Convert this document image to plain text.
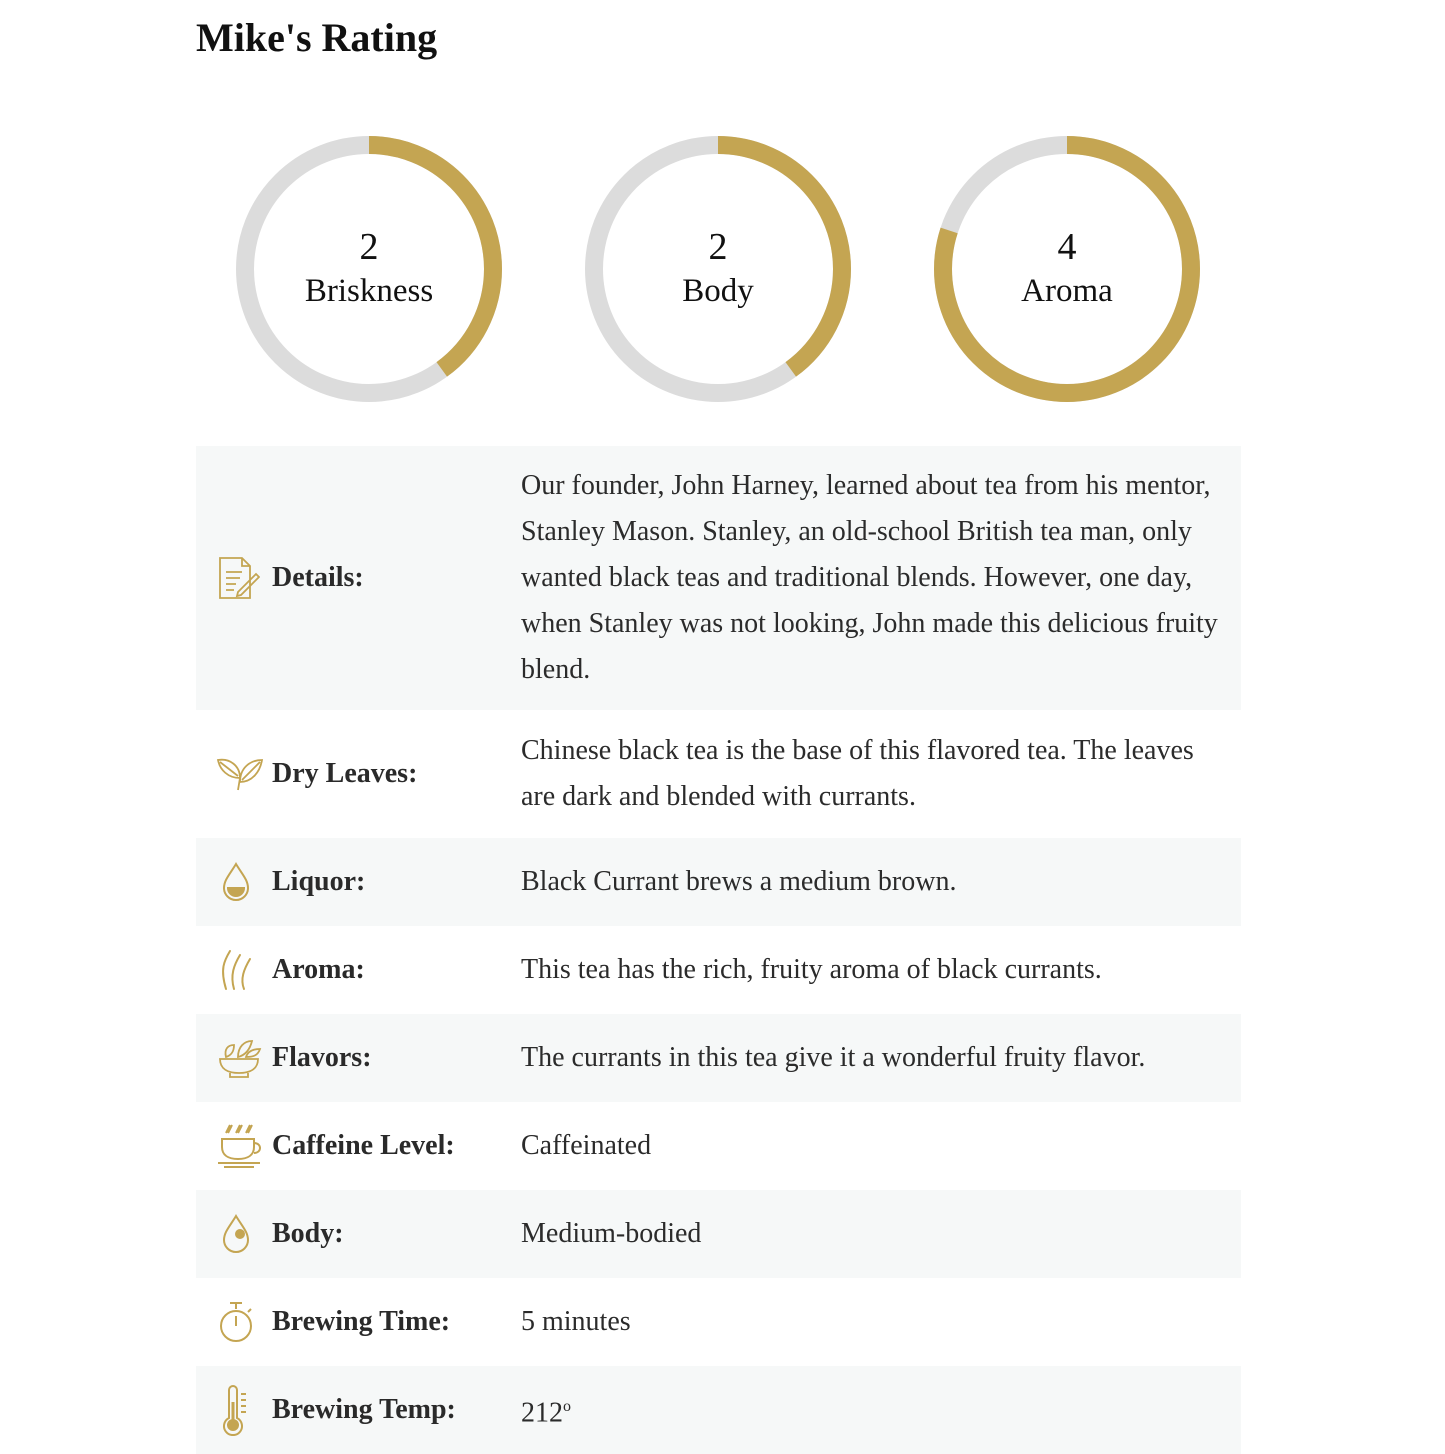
Mike's Rating
2
Briskness
2
Body
4
Aroma
Details:
Our founder, John Harney, learned about tea from his mentor, Stanley Mason. Stanley, an old-school British tea man, only wanted black teas and traditional blends. However, one day, when Stanley was not looking, John made this delicious fruity blend.
Dry Leaves:
Chinese black tea is the base of this flavored tea. The leaves are dark and blended with currants.
Liquor:	Black Currant brews a medium brown.
Aroma:	This tea has the rich, fruity aroma of black currants.
Flavors:	The currants in this tea give it a wonderful fruity flavor.
Caffeine Level: Caffeinated
Body:	Medium-bodied
Brewing Time:	5 minutes
Brewing Temp: 212$^o$
